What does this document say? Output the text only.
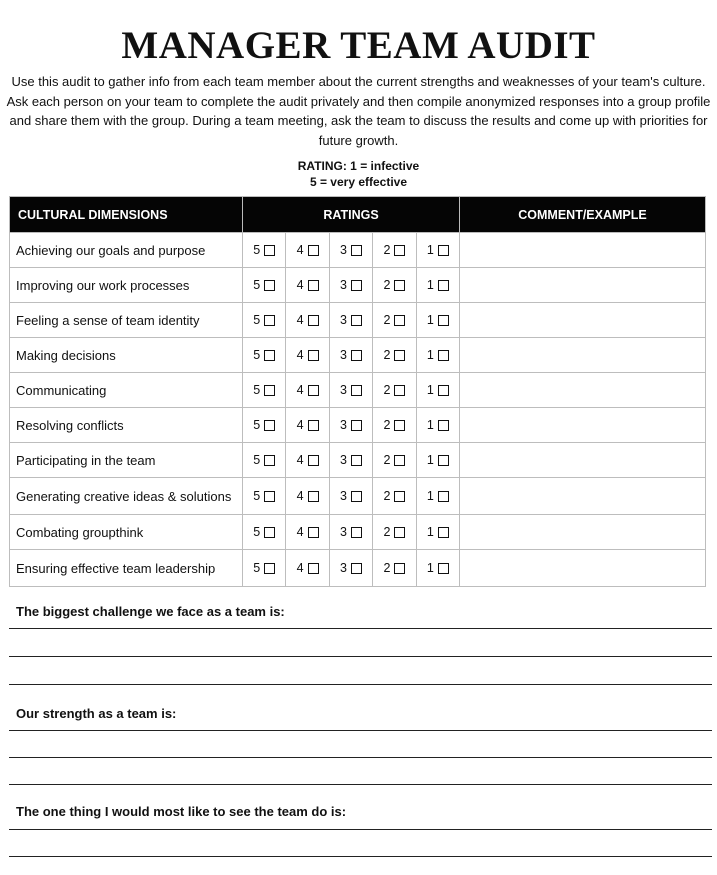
MANAGER TEAM AUDIT

Use this audit to gather info from each team member about the current strengths and weaknesses of your team's culture. Ask each person on your team to complete the audit privately and then compile anonymized responses into a group profile and share them with the group. During a team meeting, ask the team to discuss the results and come up with priorities for future growth.

RATING: 1 = infective
5 = very effective
CULTURAL DIMENSIONS	RATINGS	COMMENT/EXAMPLE
Achieving our goals and purpose	5 4 3 2 1	

Improving our work processes	5 4 3 2 1	

Feeling a sense of team identity	5 4 3 2 1	

Making decisions	5 4 3 2 1	

Communicating	5 4 3 2 1	

Resolving conflicts	5 4 3 2 1	

Participating in the team	5 4 3 2 1	

Generating creative ideas & solutions	5 4 3 2 1	

Combating groupthink	5 4 3 2 1	

Ensuring effective team leadership	5 4 3 2 1	

The biggest challenge we face as a team is:
Our strength as a team is:
The one thing I would most like to see the team do is:
